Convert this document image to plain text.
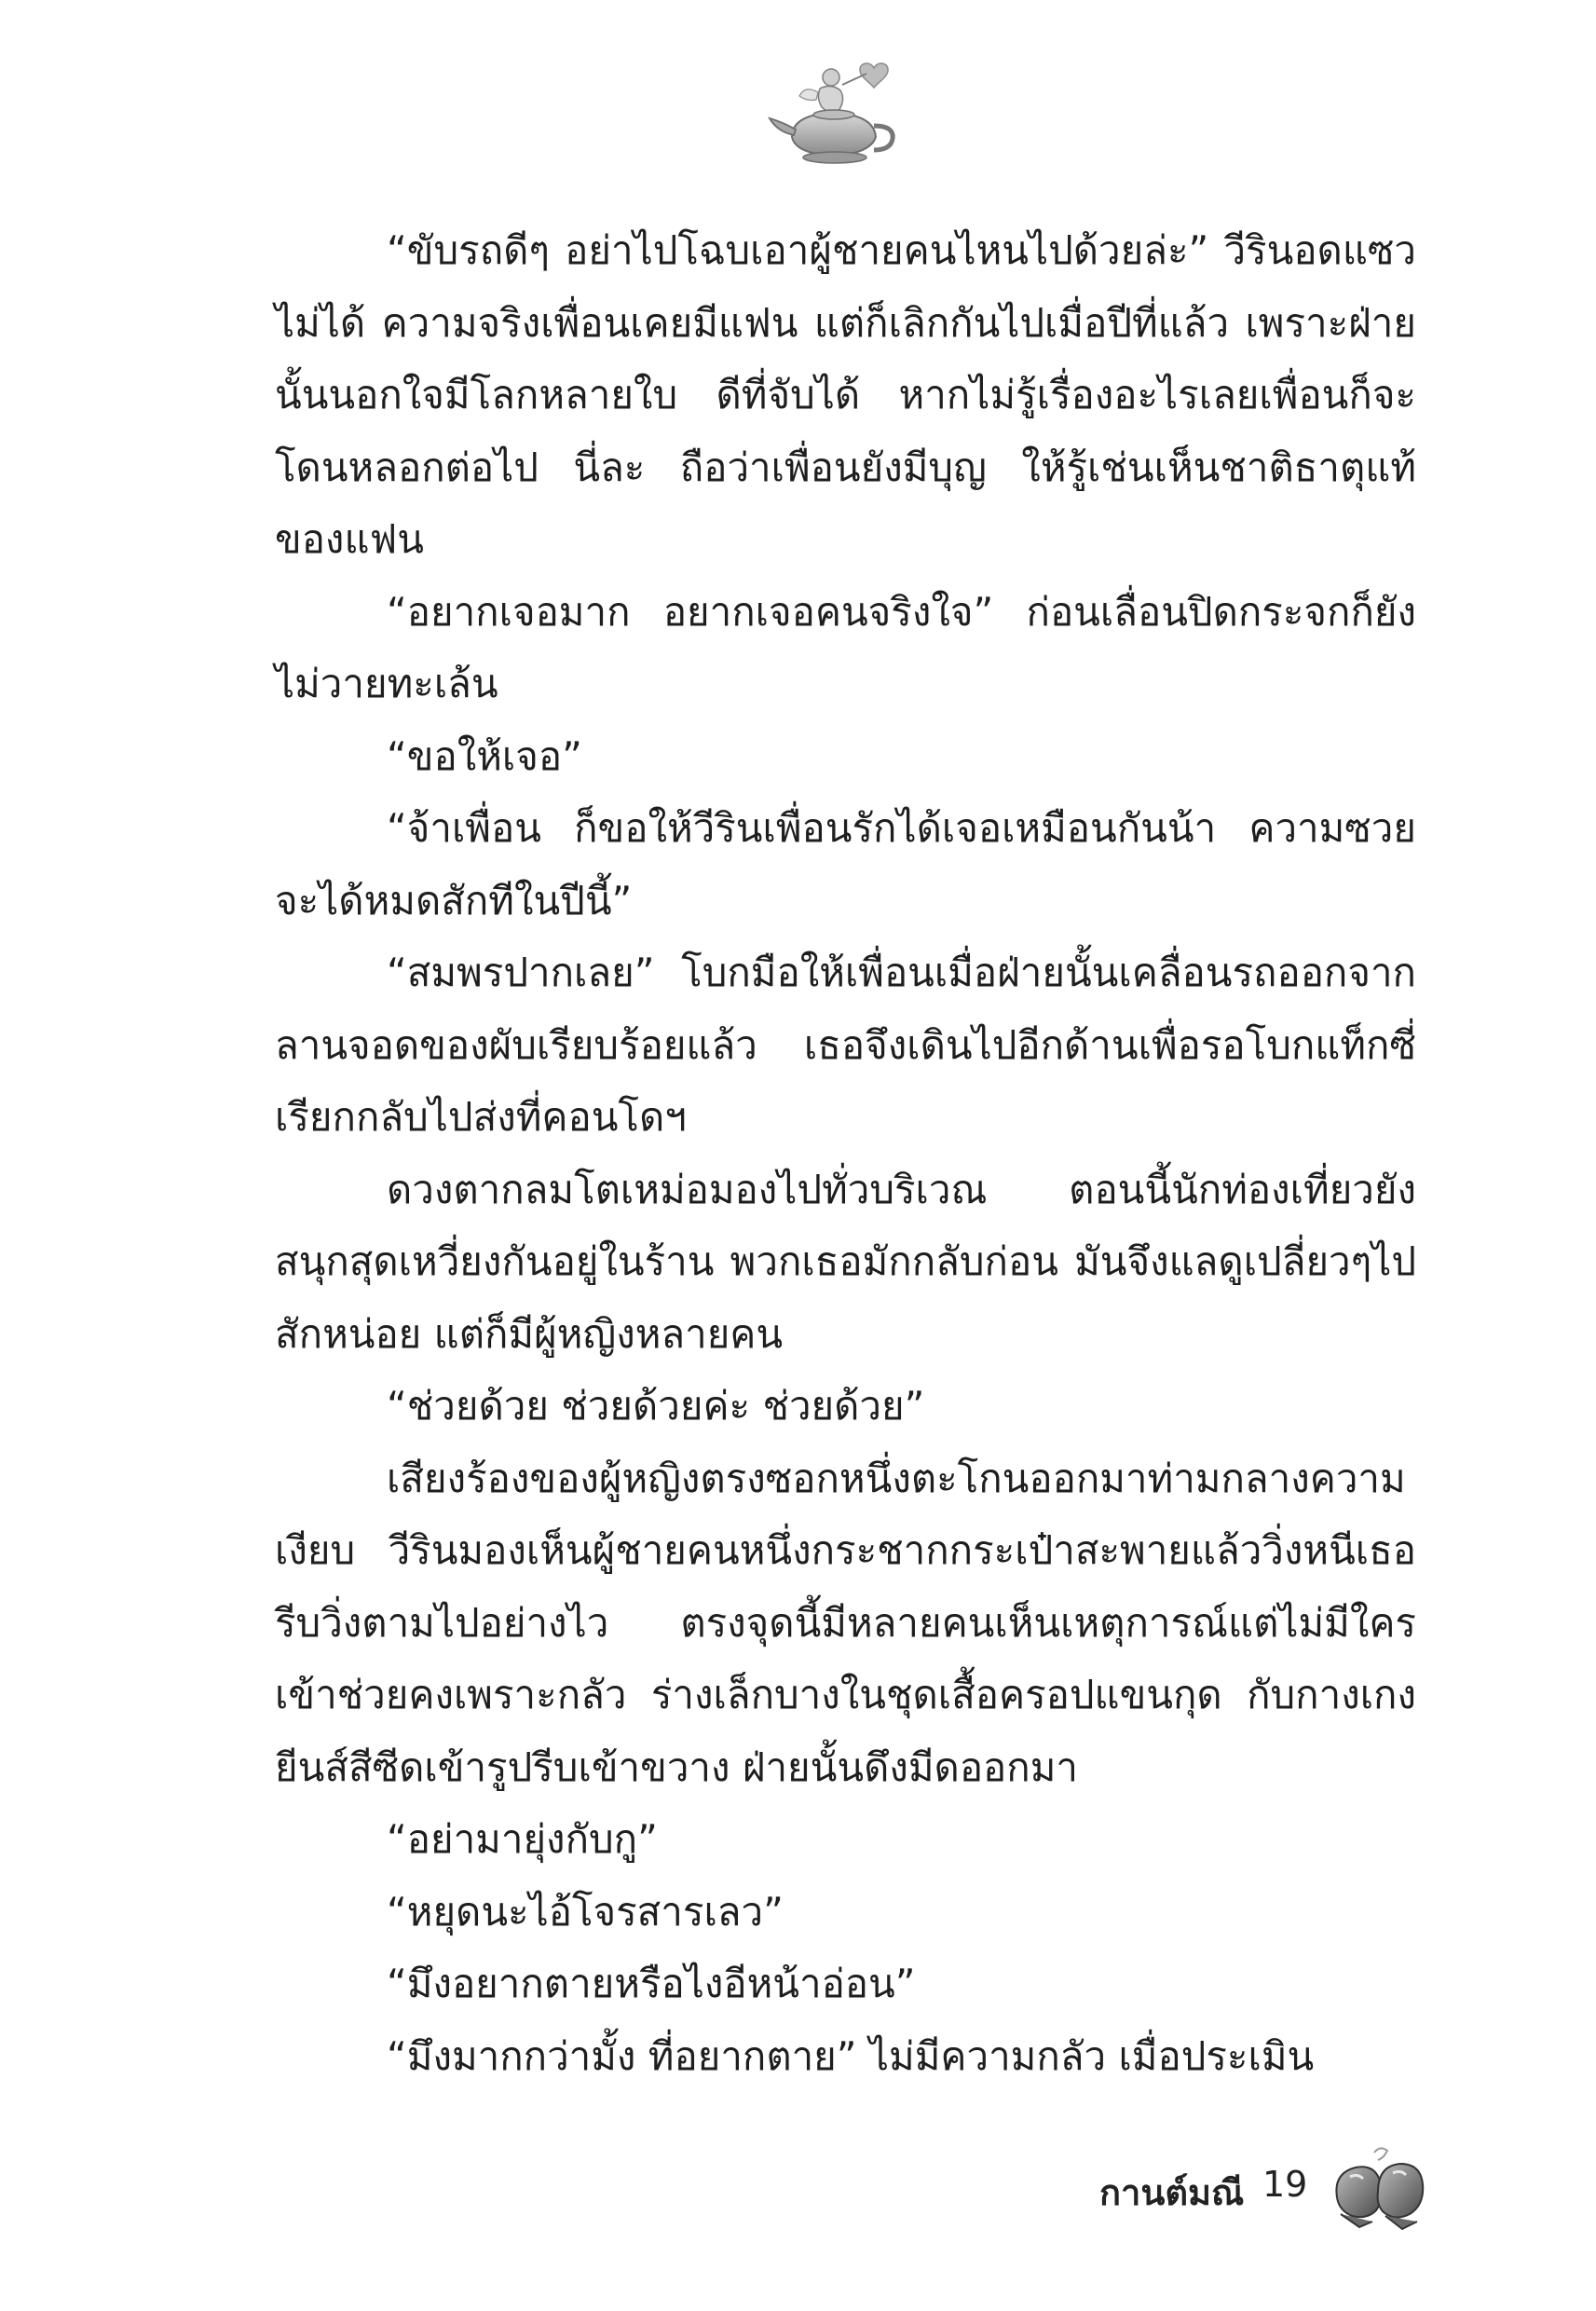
“ขับรถดีๆ อย่าไปโฉบเอาผู้ชายคนไหนไปด้วยล่ะ” วีรินอดแซวไม่ได้ ความจริงเพื่อนเคยมีแฟน แต่ก็เลิกกันไปเมื่อปีที่แล้ว เพราะฝ่ายนั้นนอกใจมีโลกหลายใบ ดีที่จับได้ หากไม่รู้เรื่องอะไรเลยเพื่อนก็จะโดนหลอกต่อไป นี่ละ ถือว่าเพื่อนยังมีบุญ ให้รู้เช่นเห็นชาติธาตุแท้ของแฟน

“อยากเจอมาก อยากเจอคนจริงใจ” ก่อนเลื่อนปิดกระจกก็ยังไม่วายทะเล้น

“ขอให้เจอ”

“จ้าเพื่อน ก็ขอให้วีรินเพื่อนรักได้เจอเหมือนกันน้า ความซวยจะได้หมดสักทีในปีนี้”

“สมพรปากเลย” โบกมือให้เพื่อนเมื่อฝ่ายนั้นเคลื่อนรถออกจากลานจอดของผับเรียบร้อยแล้ว เธอจึงเดินไปอีกด้านเพื่อรอโบกแท็กซี่เรียกกลับไปส่งที่คอนโดฯ

ดวงตากลมโตเหม่อมองไปทั่วบริเวณ ตอนนี้นักท่องเที่ยวยังสนุกสุดเหวี่ยงกันอยู่ในร้าน พวกเธอมักกลับก่อน มันจึงแลดูเปลี่ยวๆไปสักหน่อย แต่ก็มีผู้หญิงหลายคน

“ช่วยด้วย ช่วยด้วยค่ะ ช่วยด้วย”

เสียงร้องของผู้หญิงตรงซอกหนึ่งตะโกนออกมาท่ามกลางความเงียบ วีรินมองเห็นผู้ชายคนหนึ่งกระชากกระเป๋าสะพายแล้ววิ่งหนีเธอรีบวิ่งตามไปอย่างไว ตรงจุดนี้มีหลายคนเห็นเหตุการณ์แต่ไม่มีใครเข้าช่วยคงเพราะกลัว ร่างเล็กบางในชุดเสื้อครอปแขนกุด กับกางเกงยีนส์สีซีดเข้ารูปรีบเข้าขวาง ฝ่ายนั้นดึงมีดออกมา

“อย่ามายุ่งกับกู”

“หยุดนะไอ้โจรสารเลว”

“มึงอยากตายหรือไงอีหน้าอ่อน”

“มึงมากกว่ามั้ง ที่อยากตาย” ไม่มีความกลัว เมื่อประเมิน

กานต์มณี 19
